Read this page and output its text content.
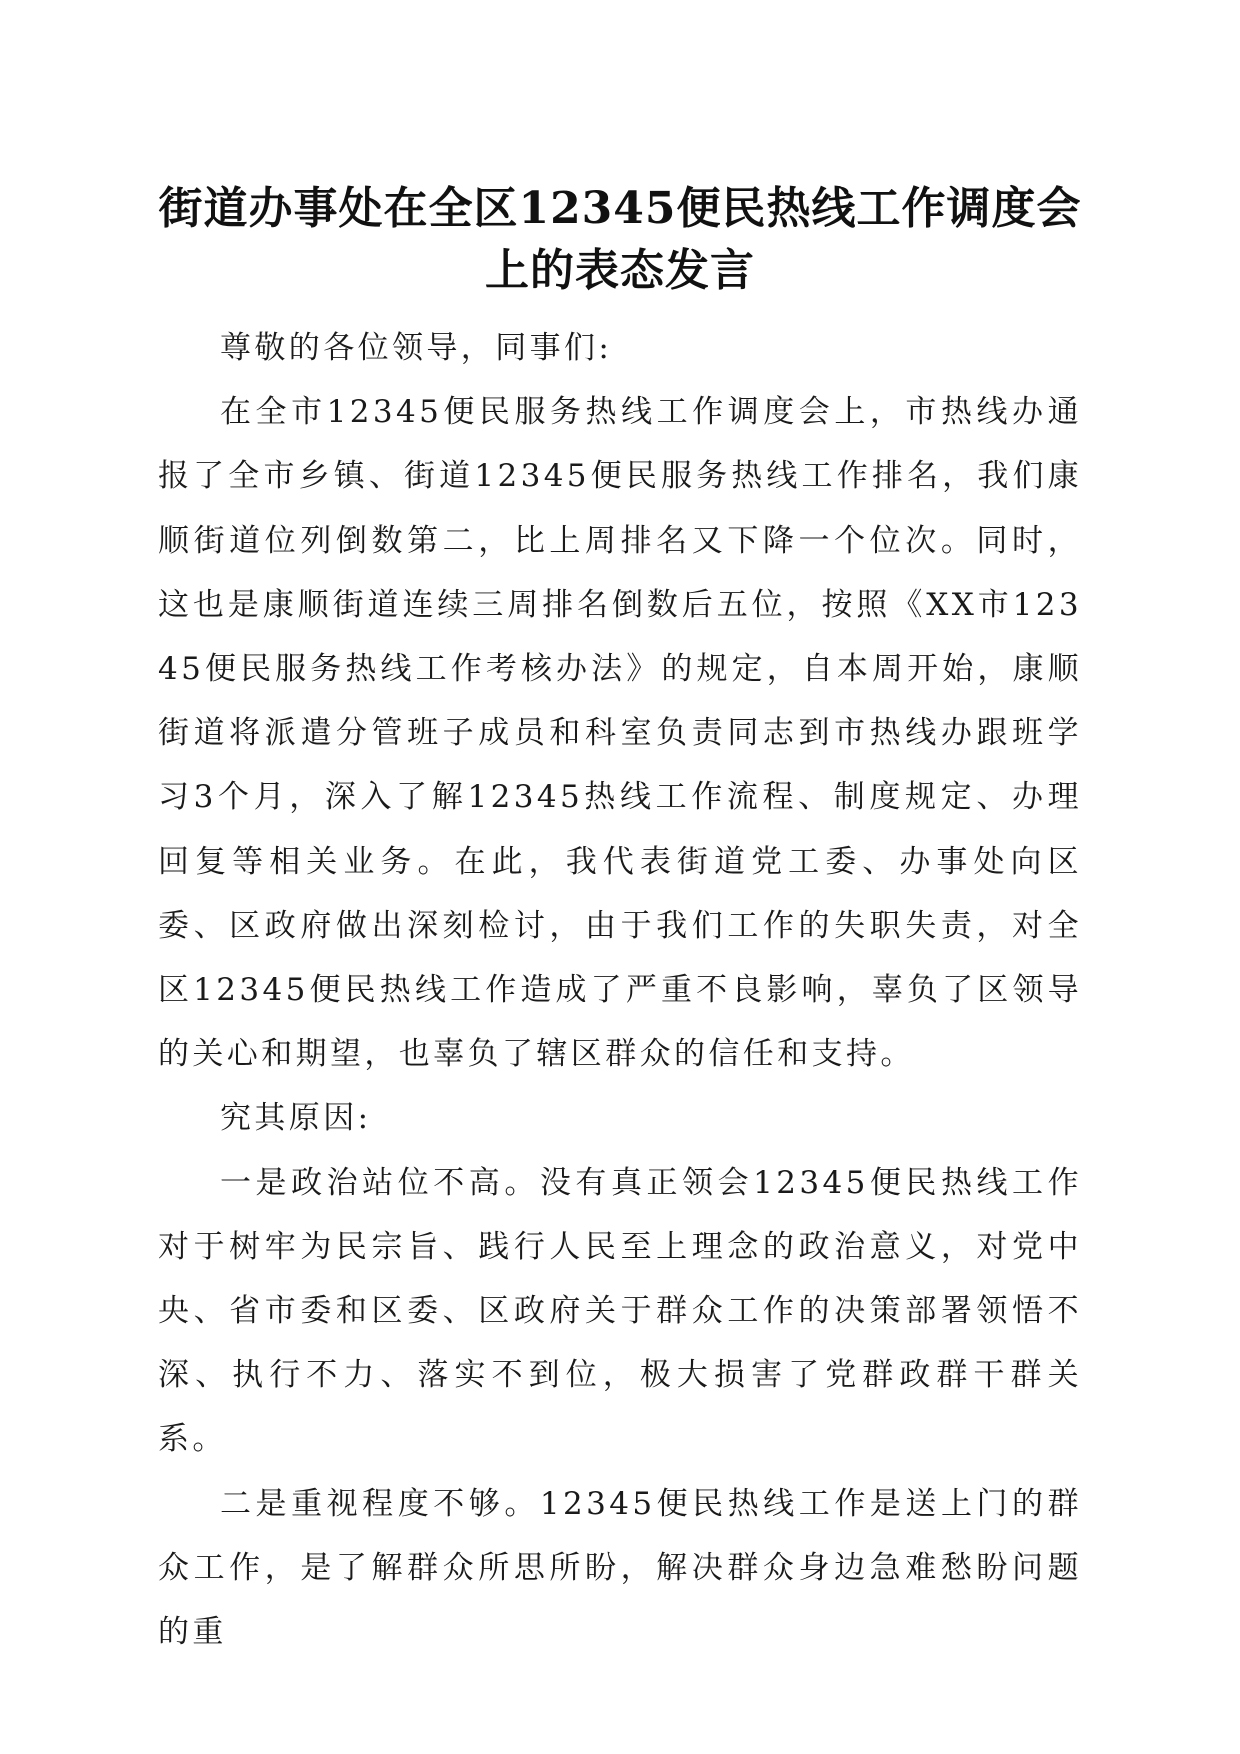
街道办事处在全区12345便民热线工作调度会
上的表态发言

尊敬的各位领导，同事们:

在全市12345便民服务热线工作调度会上，市热线办通报了全市乡镇、街道12345便民服务热线工作排名，我们康顺街道位列倒数第二，比上周排名又下降一个位次。同时，这也是康顺街道连续三周排名倒数后五位，按照《XX市12345便民服务热线工作考核办法》的规定，自本周开始，康顺街道将派遣分管班子成员和科室负责同志到市热线办跟班学习3个月，深入了解12345热线工作流程、制度规定、办理回复等相关业务。在此，我代表街道党工委、办事处向区委、区政府做出深刻检讨，由于我们工作的失职失责，对全区12345便民热线工作造成了严重不良影响，辜负了区领导的关心和期望，也辜负了辖区群众的信任和支持。

究其原因:

一是政治站位不高。没有真正领会12345便民热线工作对于树牢为民宗旨、践行人民至上理念的政治意义，对党中央、省市委和区委、区政府关于群众工作的决策部署领悟不深、执行不力、落实不到位，极大损害了党群政群干群关系。

二是重视程度不够。12345便民热线工作是送上门的群众工作，是了解群众所思所盼，解决群众身边急难愁盼问题的重
